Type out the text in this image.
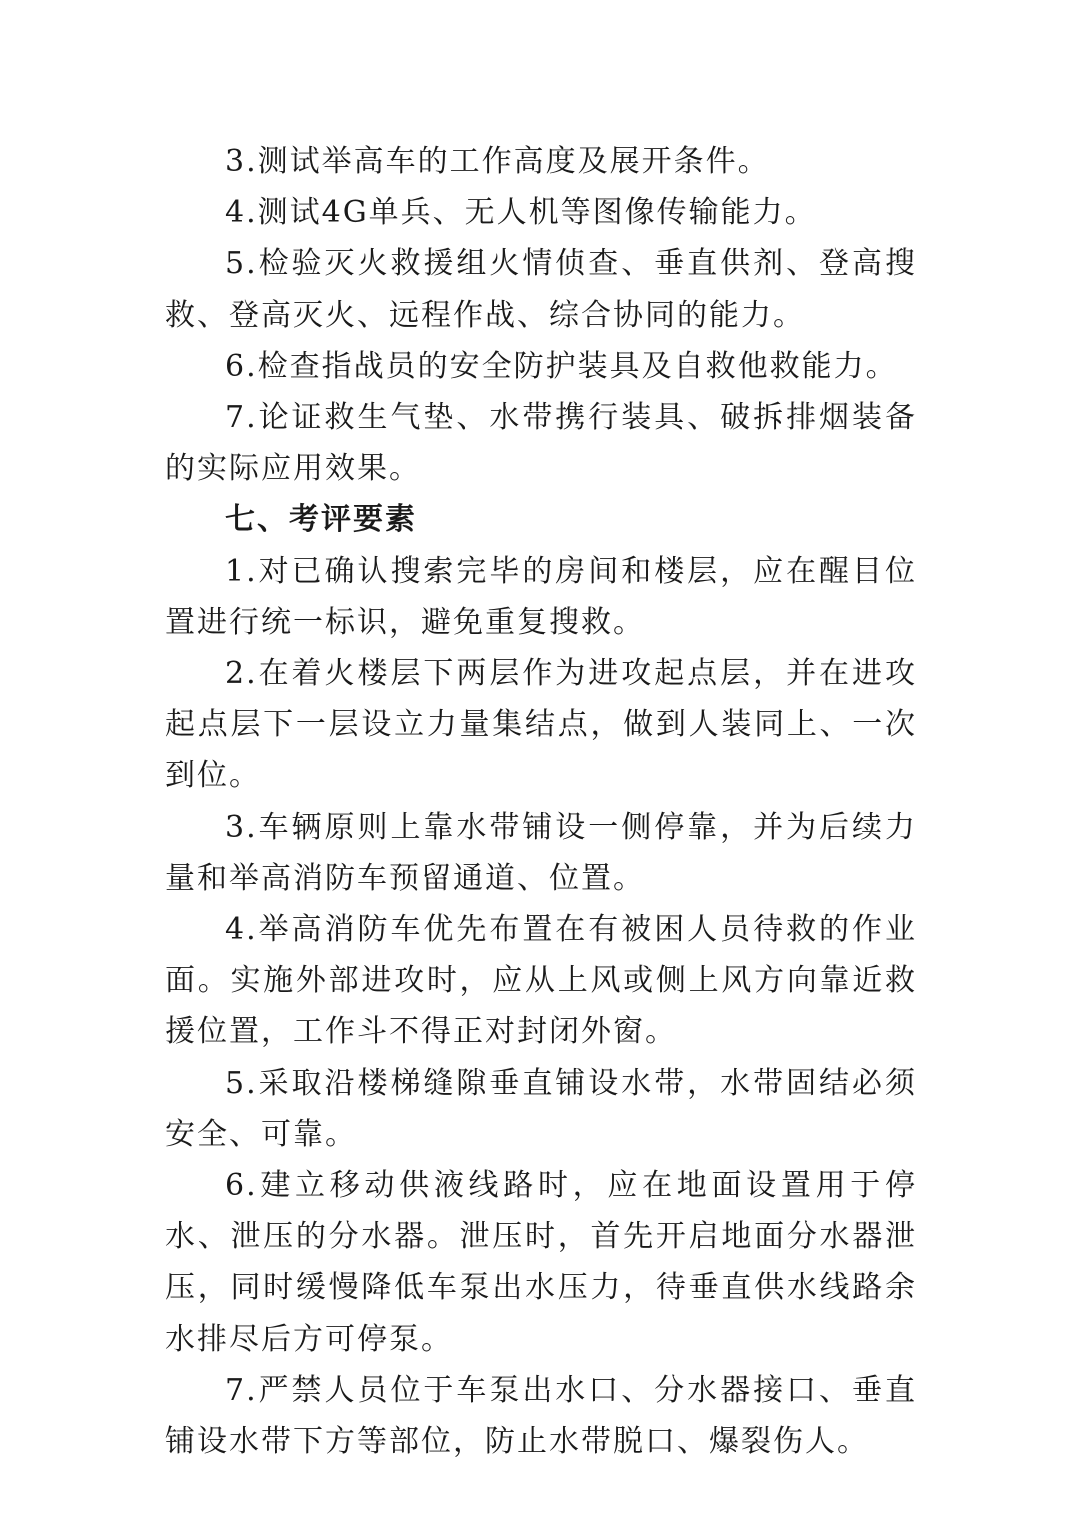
3.测试举高车的工作高度及展开条件。

4.测试4G单兵、无人机等图像传输能力。

5.检验灭火救援组火情侦查、垂直供剂、登高搜救、登高灭火、远程作战、综合协同的能力。

6.检查指战员的安全防护装具及自救他救能力。

7.论证救生气垫、水带携行装具、破拆排烟装备的实际应用效果。

七、考评要素

1.对已确认搜索完毕的房间和楼层，应在醒目位置进行统一标识，避免重复搜救。

2.在着火楼层下两层作为进攻起点层，并在进攻起点层下一层设立力量集结点，做到人装同上、一次到位。

3.车辆原则上靠水带铺设一侧停靠，并为后续力量和举高消防车预留通道、位置。

4.举高消防车优先布置在有被困人员待救的作业面。实施外部进攻时，应从上风或侧上风方向靠近救援位置，工作斗不得正对封闭外窗。

5.采取沿楼梯缝隙垂直铺设水带，水带固结必须安全、可靠。

6.建立移动供液线路时，应在地面设置用于停水、泄压的分水器。泄压时，首先开启地面分水器泄压，同时缓慢降低车泵出水压力，待垂直供水线路余水排尽后方可停泵。

7.严禁人员位于车泵出水口、分水器接口、垂直铺设水带下方等部位，防止水带脱口、爆裂伤人。
